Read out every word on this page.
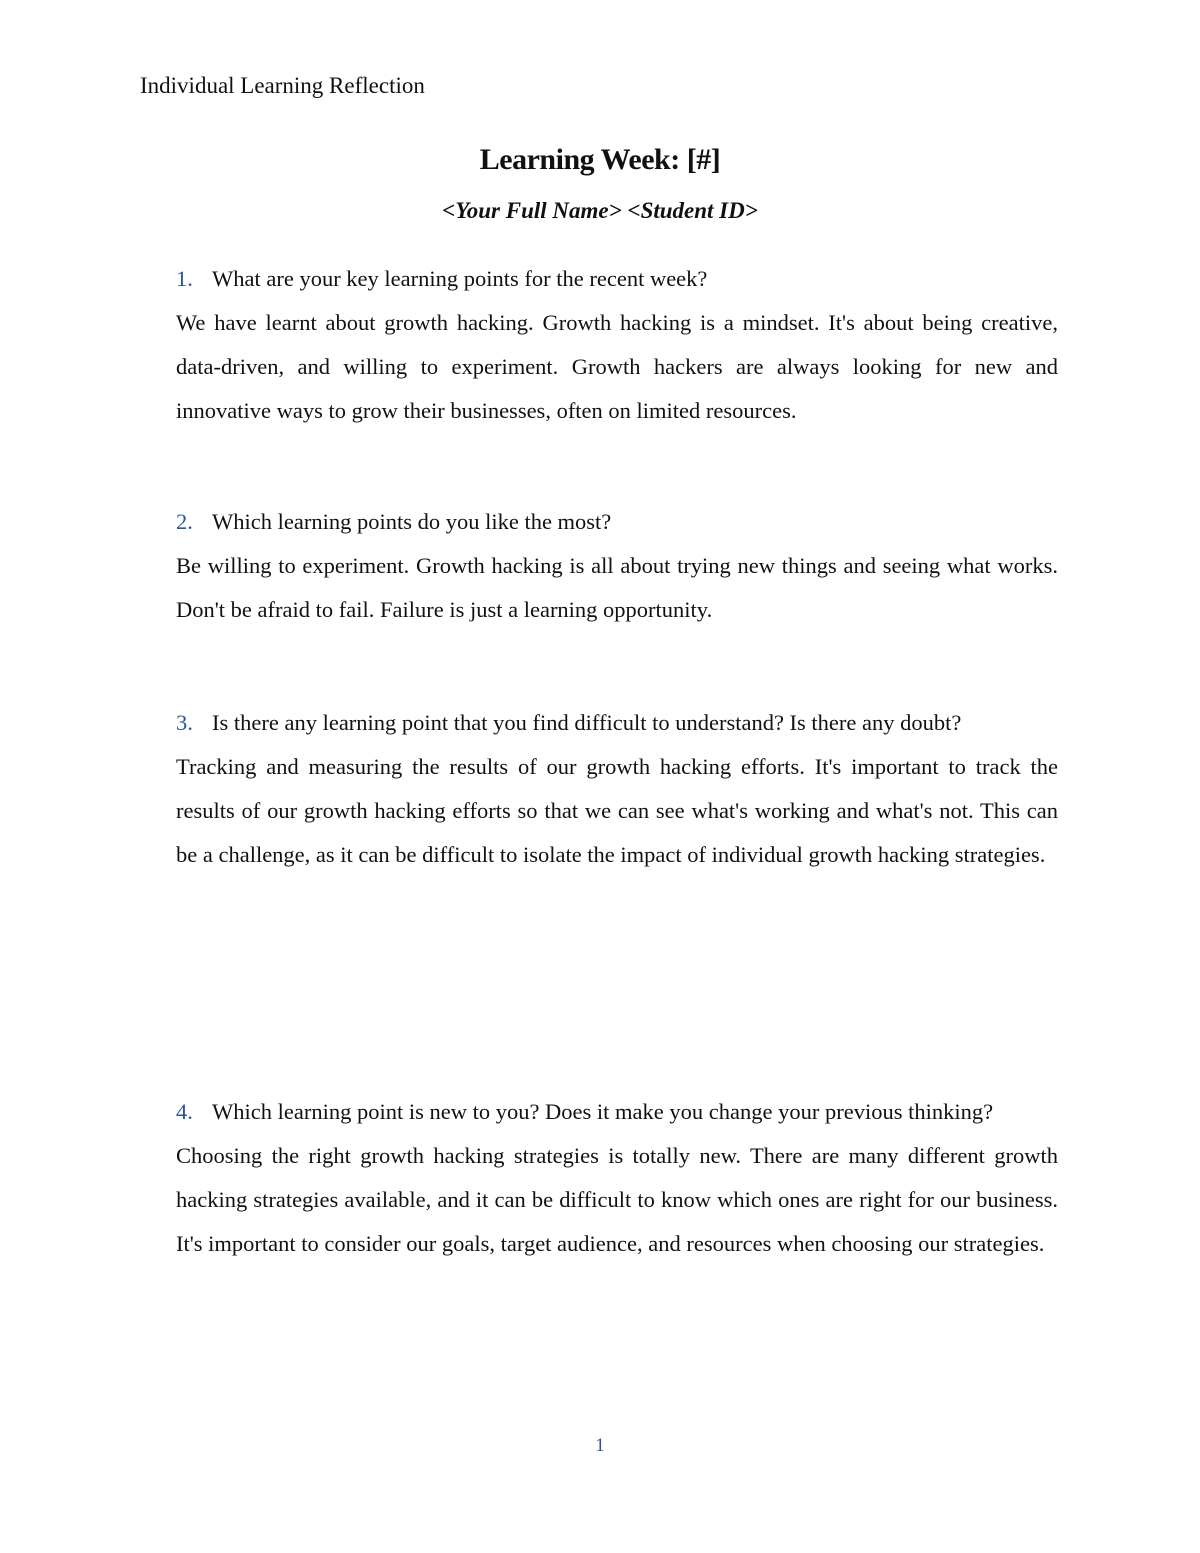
Individual Learning Reflection
Learning Week: [#]
<Your Full Name> <Student ID>
1. What are your key learning points for the recent week?
We have learnt about growth hacking. Growth hacking is a mindset. It's about being creative, data-driven, and willing to experiment. Growth hackers are always looking for new and innovative ways to grow their businesses, often on limited resources.
2. Which learning points do you like the most?
Be willing to experiment. Growth hacking is all about trying new things and seeing what works. Don't be afraid to fail. Failure is just a learning opportunity.
3. Is there any learning point that you find difficult to understand? Is there any doubt?
Tracking and measuring the results of our growth hacking efforts. It's important to track the results of our growth hacking efforts so that we can see what's working and what's not. This can be a challenge, as it can be difficult to isolate the impact of individual growth hacking strategies.
4. Which learning point is new to you? Does it make you change your previous thinking?
Choosing the right growth hacking strategies is totally new. There are many different growth hacking strategies available, and it can be difficult to know which ones are right for our business. It's important to consider our goals, target audience, and resources when choosing our strategies.
1
